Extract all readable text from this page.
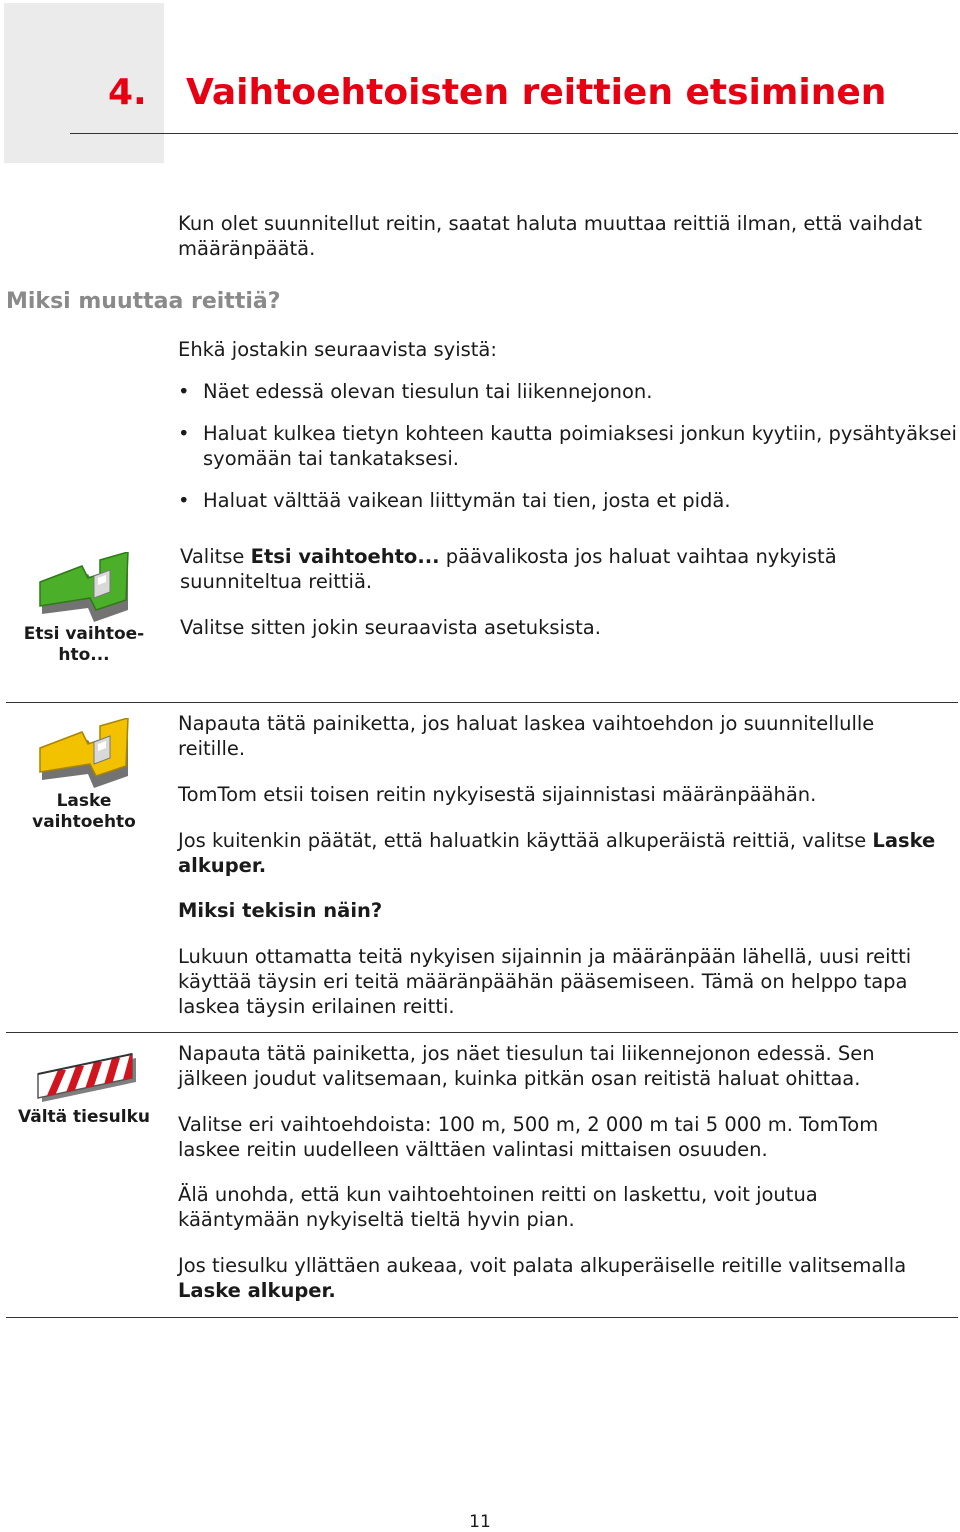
4. Vaihtoehtoisten reittien etsiminen
Kun olet suunnitellut reitin, saatat haluta muuttaa reittiä ilman, että vaihdat määränpäätä.
Miksi muuttaa reittiä?
Ehkä jostakin seuraavista syistä:
• Näet edessä olevan tiesulun tai liikennejonon.
• Haluat kulkea tietyn kohteen kautta poimiaksesi jonkun kyytiin, pysähtyäksei syomään tai tankataksesi.
• Haluat välttää vaikean liittymän tai tien, josta et pidä.
Etsi vaihtoe-
hto...
Valitse Etsi vaihtoehto... päävalikosta jos haluat vaihtaa nykyistä suunniteltua reittiä.
Valitse sitten jokin seuraavista asetuksista.
Laske
vaihtoehto
Napauta tätä painiketta, jos haluat laskea vaihtoehdon jo suunnitellulle reitille.
TomTom etsii toisen reitin nykyisestä sijainnistasi määränpäähän.
Jos kuitenkin päätät, että haluatkin käyttää alkuperäistä reittiä, valitse Laske alkuper.
Miksi tekisin näin?
Lukuun ottamatta teitä nykyisen sijainnin ja määränpään lähellä, uusi reitti käyttää täysin eri teitä määränpäähän pääsemiseen. Tämä on helppo tapa laskea täysin erilainen reitti.
Vältä tiesulku
Napauta tätä painiketta, jos näet tiesulun tai liikennejonon edessä. Sen jälkeen joudut valitsemaan, kuinka pitkän osan reitistä haluat ohittaa.
Valitse eri vaihtoehdoista: 100 m, 500 m, 2 000 m tai 5 000 m. TomTom laskee reitin uudelleen välttäen valintasi mittaisen osuuden.
Älä unohda, että kun vaihtoehtoinen reitti on laskettu, voit joutua kääntymään nykyiseltä tieltä hyvin pian.
Jos tiesulku yllättäen aukeaa, voit palata alkuperäiselle reitille valitsemalla Laske alkuper.
11
